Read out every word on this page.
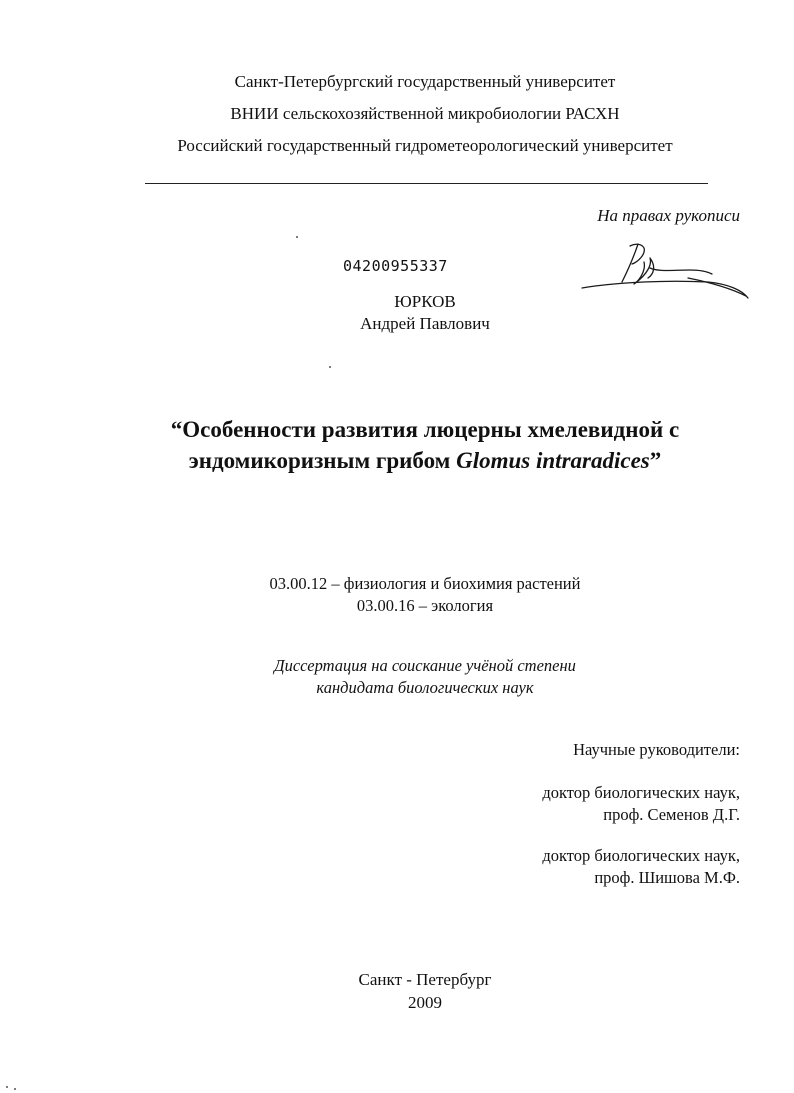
Санкт-Петербургский государственный университет
ВНИИ сельскохозяйственной микробиологии РАСХН
Российский государственный гидрометеорологический университет
На правах рукописи
04200955337
ЮРКОВ
Андрей Павлович
“Особенности развития люцерны хмелевидной с
эндомикоризным грибом Glomus intraradices”
03.00.12 – физиология и биохимия растений
03.00.16 – экология
Диссертация на соискание учёной степени
кандидата биологических наук
Научные руководители:
доктор биологических наук,
проф. Семенов Д.Г.
доктор биологических наук,
проф. Шишова М.Ф.
Санкт - Петербург
2009
